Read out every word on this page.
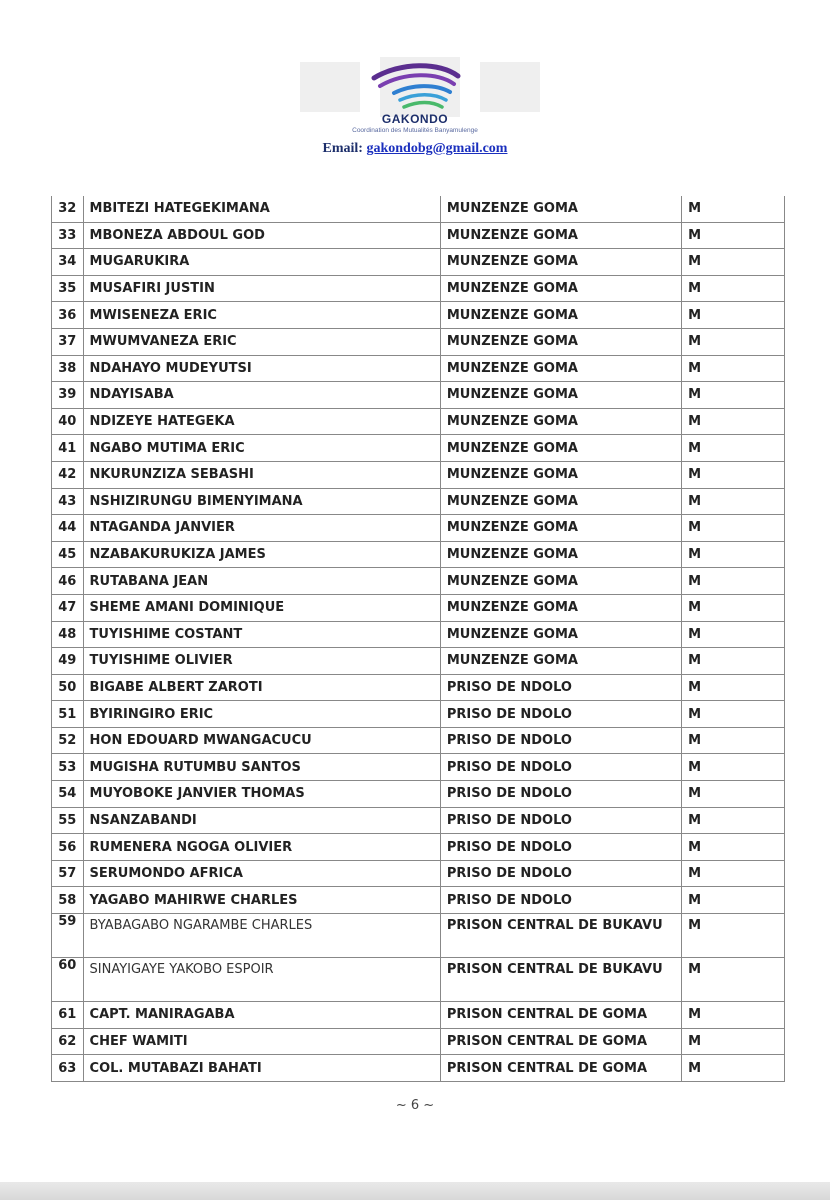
GAKONDO
Coordination des Mutualités Banyamulenge
Email: gakondobg@gmail.com
32	MBITEZI HATEGEKIMANA	MUNZENZE GOMA	M
33	MBONEZA ABDOUL GOD	MUNZENZE GOMA	M
34	MUGARUKIRA	MUNZENZE GOMA	M
35	MUSAFIRI JUSTIN	MUNZENZE GOMA	M
36	MWISENEZA ERIC	MUNZENZE GOMA	M
37	MWUMVANEZA ERIC	MUNZENZE GOMA	M
38	NDAHAYO MUDEYUTSI	MUNZENZE GOMA	M
39	NDAYISABA	MUNZENZE GOMA	M
40	NDIZEYE HATEGEKA	MUNZENZE GOMA	M
41	NGABO MUTIMA ERIC	MUNZENZE GOMA	M
42	NKURUNZIZA SEBASHI	MUNZENZE GOMA	M
43	NSHIZIRUNGU BIMENYIMANA	MUNZENZE GOMA	M
44	NTAGANDA JANVIER	MUNZENZE GOMA	M
45	NZABAKURUKIZA JAMES	MUNZENZE GOMA	M
46	RUTABANA JEAN	MUNZENZE GOMA	M
47	SHEME AMANI DOMINIQUE	MUNZENZE GOMA	M
48	TUYISHIME COSTANT	MUNZENZE GOMA	M
49	TUYISHIME OLIVIER	MUNZENZE GOMA	M
50	BIGABE ALBERT ZAROTI	PRISO DE NDOLO	M
51	BYIRINGIRO ERIC	PRISO DE NDOLO	M
52	HON EDOUARD MWANGACUCU	PRISO DE NDOLO	M
53	MUGISHA RUTUMBU SANTOS	PRISO DE NDOLO	M
54	MUYOBOKE JANVIER THOMAS	PRISO DE NDOLO	M
55	NSANZABANDI	PRISO DE NDOLO	M
56	RUMENERA NGOGA OLIVIER	PRISO DE NDOLO	M
57	SERUMONDO AFRICA	PRISO DE NDOLO	M
58	YAGABO MAHIRWE CHARLES	PRISO DE NDOLO	M
59	BYABAGABO NGARAMBE CHARLES	PRISON CENTRAL DE BUKAVU	M
60	SINAYIGAYE YAKOBO ESPOIR	PRISON CENTRAL DE BUKAVU	M
61	CAPT. MANIRAGABA	PRISON CENTRAL DE GOMA	M
62	CHEF WAMITI	PRISON CENTRAL DE GOMA	M
63	COL. MUTABAZI BAHATI	PRISON CENTRAL DE GOMA	M
~ 6 ~
